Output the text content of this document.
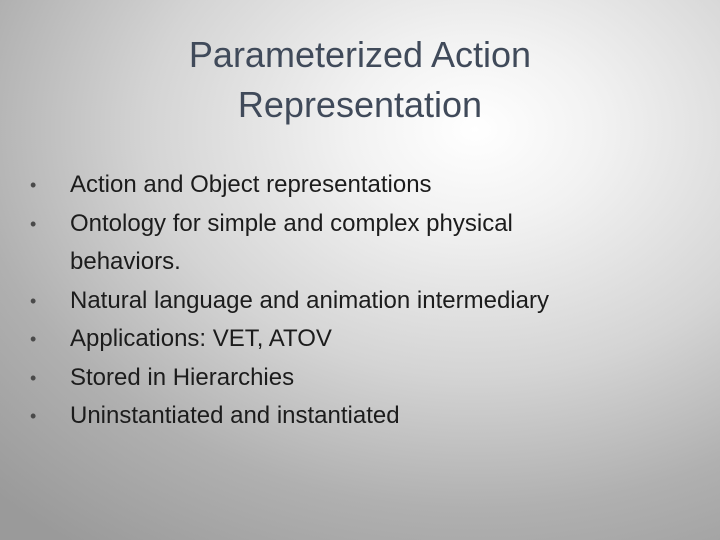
Parameterized Action
Representation
• Action and Object representations
• Ontology for simple and complex physical
behaviors.
• Natural language and animation intermediary
• Applications: VET, ATOV
• Stored in Hierarchies
• Uninstantiated and instantiated
